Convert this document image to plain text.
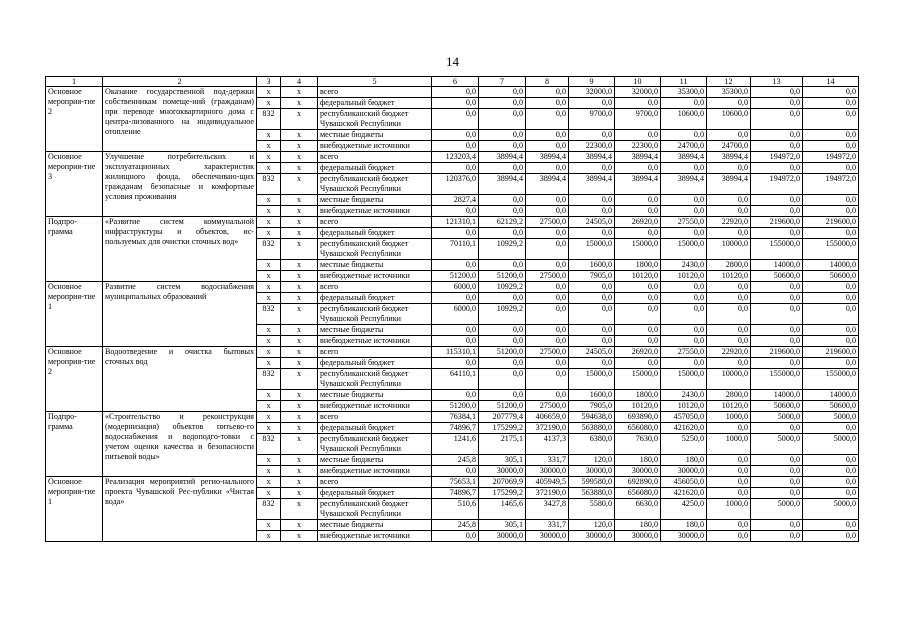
14
1	2	3	4	5	6	7	8	9	10	11	12	13	14
Основное мероприя-тие 2	Оказание государственной под-держки собственникам помеще-ний (гражданам) при переводе многоквартирного дома с центра-лизованного на индивидуальное отопление	x	x	всего	0,0	0,0	0,0	32000,0	32000,0	35300,0	35300,0	0,0	0,0
		x	x	федеральный бюджет	0,0	0,0	0,0	0,0	0,0	0,0	0,0	0,0	0,0
		832	x	республиканский бюджет Чувашской Республики	0,0	0,0	0,0	9700,0	9700,0	10600,0	10600,0	0,0	0,0
		x	x	местные бюджеты	0,0	0,0	0,0	0,0	0,0	0,0	0,0	0,0	0,0
		x	x	внебюджетные источники	0,0	0,0	0,0	22300,0	22300,0	24700,0	24700,0	0,0	0,0
Основное мероприя-тие 3	Улучшение потребительских и эксплуатационных характеристик жилищного фонда, обеспечиваю-щих гражданам безопасные и комфортные условия проживания	x	x	всего	123203,4	38994,4	38994,4	38994,4	38994,4	38994,4	38994,4	194972,0	194972,0
		x	x	федеральный бюджет	0,0	0,0	0,0	0,0	0,0	0,0	0,0	0,0	0,0
		832	x	республиканский бюджет Чувашской Республики	120376,0	38994,4	38994,4	38994,4	38994,4	38994,4	38994,4	194972,0	194972,0
		x	x	местные бюджеты	2827,4	0,0	0,0	0,0	0,0	0,0	0,0	0,0	0,0
		x	x	внебюджетные источники	0,0	0,0	0,0	0,0	0,0	0,0	0,0	0,0	0,0
Подпро-грамма	«Развитие систем коммунальной инфраструктуры и объектов, ис-пользуемых для очистки сточных вод»	x	x	всего	121310,1	62129,2	27500,0	24505,0	26920,0	27550,0	22920,0	219600,0	219600,0
		x	x	федеральный бюджет	0,0	0,0	0,0	0,0	0,0	0,0	0,0	0,0	0,0
		832	x	республиканский бюджет Чувашской Республики	70110,1	10929,2	0,0	15000,0	15000,0	15000,0	10000,0	155000,0	155000,0
		x	x	местные бюджеты	0,0	0,0	0,0	1600,0	1800,0	2430,0	2800,0	14000,0	14000,0
		x	x	внебюджетные источники	51200,0	51200,0	27500,0	7905,0	10120,0	10120,0	10120,0	50600,0	50600,0
Основное мероприя-тие 1	Развитие систем водоснабжения муниципальных образований	x	x	всего	6000,0	10929,2	0,0	0,0	0,0	0,0	0,0	0,0	0,0
		x	x	федеральный бюджет	0,0	0,0	0,0	0,0	0,0	0,0	0,0	0,0	0,0
		832	x	республиканский бюджет Чувашской Республики	6000,0	10929,2	0,0	0,0	0,0	0,0	0,0	0,0	0,0
		x	x	местные бюджеты	0,0	0,0	0,0	0,0	0,0	0,0	0,0	0,0	0,0
		x	x	внебюджетные источники	0,0	0,0	0,0	0,0	0,0	0,0	0,0	0,0	0,0
Основное мероприя-тие 2	Водоотведение и очистка бытовых сточных вод	x	x	всего	115310,1	51200,0	27500,0	24505,0	26920,0	27550,0	22920,0	219600,0	219600,0
		x	x	федеральный бюджет	0,0	0,0	0,0	0,0	0,0	0,0	0,0	0,0	0,0
		832	x	республиканский бюджет Чувашской Республики	64110,1	0,0	0,0	15000,0	15000,0	15000,0	10000,0	155000,0	155000,0
		x	x	местные бюджеты	0,0	0,0	0,0	1600,0	1800,0	2430,0	2800,0	14000,0	14000,0
		x	x	внебюджетные источники	51200,0	51200,0	27500,0	7905,0	10120,0	10120,0	10120,0	50600,0	50600,0
Подпро-грамма	«Строительство и реконструкция (модернизация) объектов питьево-го водоснабжения и водоподго-товки с учетом оценки качества и безопасности питьевой воды»	x	x	всего	76384,1	207779,4	406659,0	594638,0	693890,0	457050,0	1000,0	5000,0	5000,0
		x	x	федеральный бюджет	74896,7	175299,2	372190,0	563880,0	656080,0	421620,0	0,0	0,0	0,0
		832	x	республиканский бюджет Чувашской Республики	1241,6	2175,1	4137,3	6380,0	7630,0	5250,0	1000,0	5000,0	5000,0
		x	x	местные бюджеты	245,8	305,1	331,7	120,0	180,0	180,0	0,0	0,0	0,0
		x	x	внебюджетные источники	0,0	30000,0	30000,0	30000,0	30000,0	30000,0	0,0	0,0	0,0
Основное мероприя-тие 1	Реализация мероприятий регио-нального проекта Чувашской Рес-публики «Чистая вода»	x	x	всего	75653,1	207069,9	405949,5	599580,0	692890,0	456050,0	0,0	0,0	0,0
		x	x	федеральный бюджет	74896,7	175299,2	372190,0	563880,0	656080,0	421620,0	0,0	0,0	0,0
		832	x	республиканский бюджет Чувашской Республики	510,6	1465,6	3427,8	5580,0	6630,0	4250,0	1000,0	5000,0	5000,0
		x	x	местные бюджеты	245,8	305,1	331,7	120,0	180,0	180,0	0,0	0,0	0,0
		x	x	внебюджетные источники	0,0	30000,0	30000,0	30000,0	30000,0	30000,0	0,0	0,0	0,0
